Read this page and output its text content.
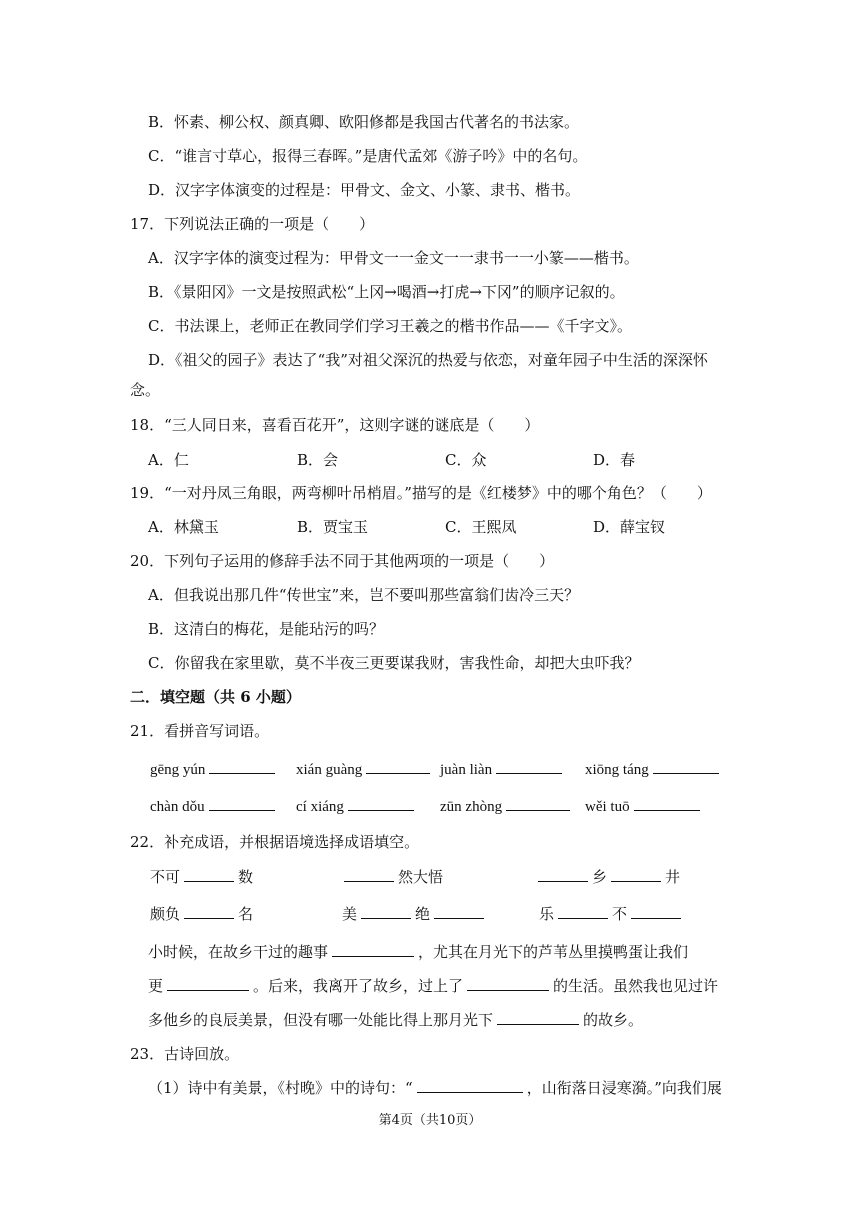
B．怀素、柳公权、颜真卿、欧阳修都是我国古代著名的书法家。
C．“谁言寸草心，报得三春晖。”是唐代孟郊《游子吟》中的名句。
D．汉字字体演变的过程是：甲骨文、金文、小篆、隶书、楷书。
17．下列说法正确的一项是（　　）
A．汉字字体的演变过程为：甲骨文一一金文一一隶书一一小篆——楷书。
B．《景阳冈》一文是按照武松“上冈→喝酒→打虎→下冈”的顺序记叙的。
C．书法课上，老师正在教同学们学习王羲之的楷书作品——《千字文》。
D．《祖父的园子》表达了“我”对祖父深沉的热爱与依恋，对童年园子中生活的深深怀
念。
18．“三人同日来，喜看百花开”，这则字谜的谜底是（　　）
A．仁	B．会	C．众	D．春
19．“一对丹凤三角眼，两弯柳叶吊梢眉。”描写的是《红楼梦》中的哪个角色？（　　）
A．林黛玉	B．贾宝玉	C．王熙凤	D．薛宝钗
20．下列句子运用的修辞手法不同于其他两项的一项是（　　）
A．但我说出那几件“传世宝”来，岂不要叫那些富翁们齿冷三天？
B．这清白的梅花，是能玷污的吗？
C．你留我在家里歇，莫不半夜三更要谋我财，害我性命，却把大虫吓我？
二．填空题（共 6 小题）
21．看拼音写词语。
gēng yún	xián guàng	juàn liàn	xiōng táng
chàn dǒu	cí xiáng	zūn zhòng	wěi tuō
22．补充成语，并根据语境选择成语填空。
不可	数	然大悟	乡	井
颇负	名	美	绝	乐	不
小时候，在故乡干过的趣事	，尤其在月光下的芦苇丛里摸鸭蛋让我们
更	。后来，我离开了故乡，过上了	的生活。虽然我也见过许
多他乡的良辰美景，但没有哪一处能比得上那月光下	的故乡。
23．古诗回放。
（1）诗中有美景，《村晚》中的诗句：“	，山衔落日浸寒漪。”向我们展
第4页（共10页）
